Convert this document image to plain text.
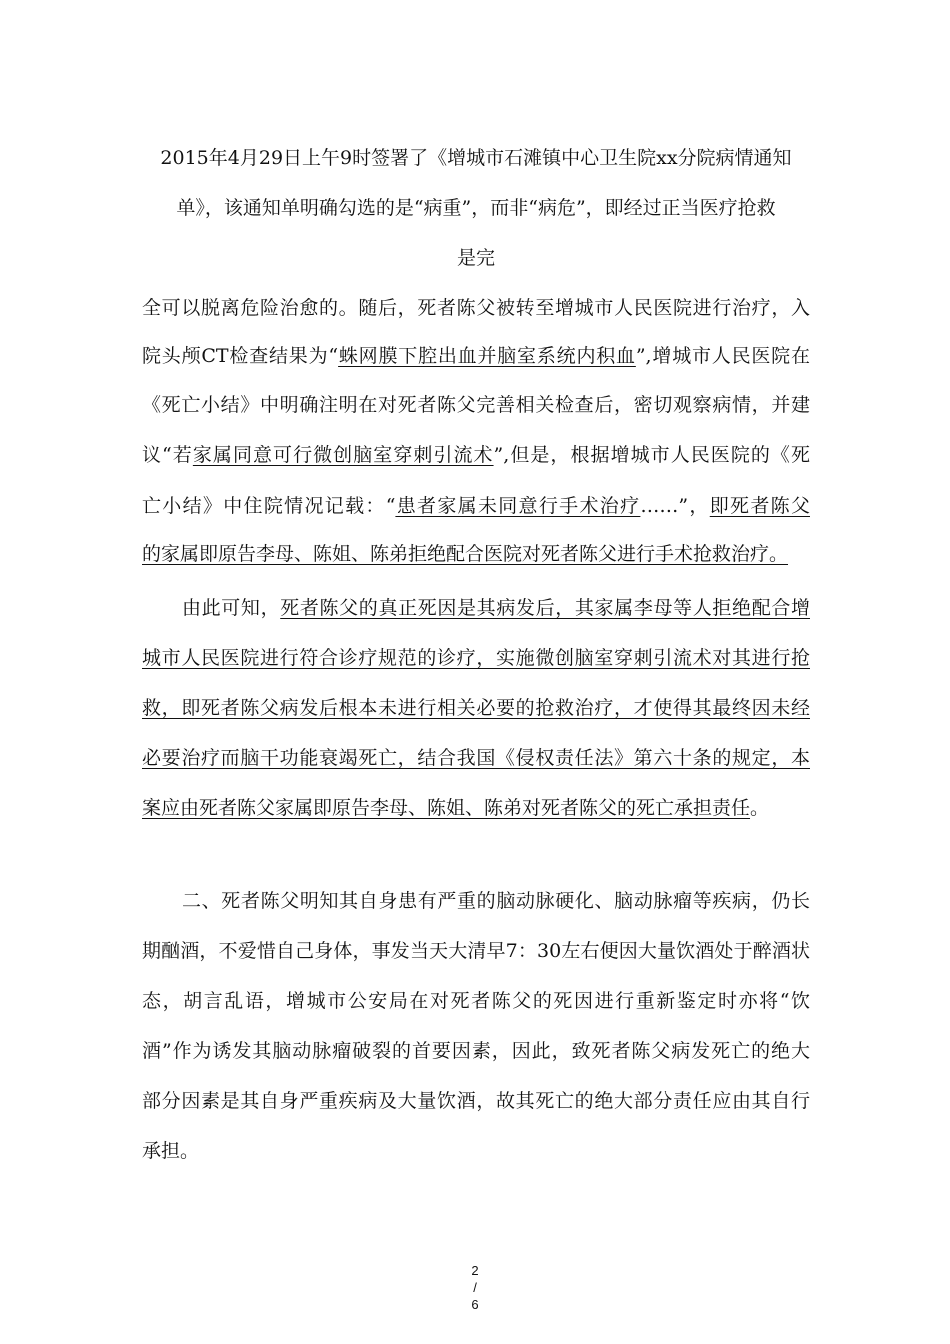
2015年4月29日上午9时签署了《增城市石滩镇中心卫生院xx分院病情通知
单》，该通知单明确勾选的是“病重”，而非“病危”，即经过正当医疗抢救
是完
全可以脱离危险治愈的。随后，死者陈父被转至增城市人民医院进行治疗，入
院头颅CT检查结果为“蛛网膜下腔出血并脑室系统内积血”,增城市人民医院在
《死亡小结》中明确注明在对死者陈父完善相关检查后，密切观察病情，并建
议“若家属同意可行微创脑室穿刺引流术”,但是，根据增城市人民医院的《死
亡小结》中住院情况记载：“患者家属未同意行手术治疗……”，即死者陈父
的家属即原告李母、陈姐、陈弟拒绝配合医院对死者陈父进行手术抢救治疗。
由此可知，死者陈父的真正死因是其病发后，其家属李母等人拒绝配合增
城市人民医院进行符合诊疗规范的诊疗，实施微创脑室穿刺引流术对其进行抢
救，即死者陈父病发后根本未进行相关必要的抢救治疗，才使得其最终因未经
必要治疗而脑干功能衰竭死亡，结合我国《侵权责任法》第六十条的规定，本
案应由死者陈父家属即原告李母、陈姐、陈弟对死者陈父的死亡承担责任。
二、死者陈父明知其自身患有严重的脑动脉硬化、脑动脉瘤等疾病，仍长
期酗酒，不爱惜自己身体，事发当天大清早7：30左右便因大量饮酒处于醉酒状
态，胡言乱语，增城市公安局在对死者陈父的死因进行重新鉴定时亦将“饮
酒”作为诱发其脑动脉瘤破裂的首要因素，因此，致死者陈父病发死亡的绝大
部分因素是其自身严重疾病及大量饮酒，故其死亡的绝大部分责任应由其自行
承担。
2
/
6
